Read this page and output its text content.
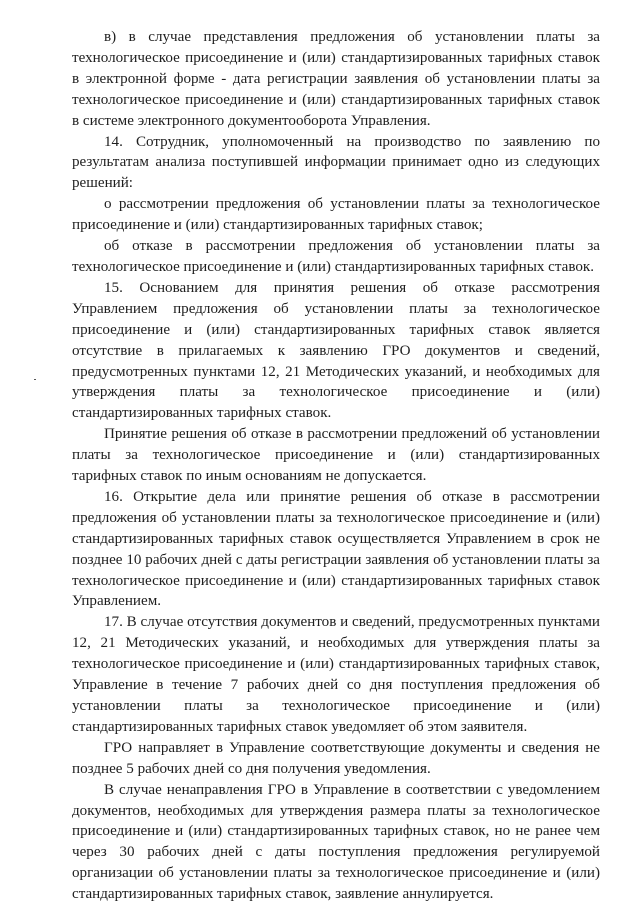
в) в случае представления предложения об установлении платы за технологическое присоединение и (или) стандартизированных тарифных ставок в электронной форме - дата регистрации заявления об установлении платы за технологическое присоединение и (или) стандартизированных тарифных ставок в системе электронного документооборота Управления.

14. Сотрудник, уполномоченный на производство по заявлению по результатам анализа поступившей информации принимает одно из следующих решений:

о рассмотрении предложения об установлении платы за технологическое присоединение и (или) стандартизированных тарифных ставок;

об отказе в рассмотрении предложения об установлении платы за технологическое присоединение и (или) стандартизированных тарифных ставок.

15. Основанием для принятия решения об отказе рассмотрения Управлением предложения об установлении платы за технологическое присоединение и (или) стандартизированных тарифных ставок является отсутствие в прилагаемых к заявлению ГРО документов и сведений, предусмотренных пунктами 12, 21 Методических указаний, и необходимых для утверждения платы за технологическое присоединение и (или) стандартизированных тарифных ставок.

Принятие решения об отказе в рассмотрении предложений об установлении платы за технологическое присоединение и (или) стандартизированных тарифных ставок по иным основаниям не допускается.

16. Открытие дела или принятие решения об отказе в рассмотрении предложения об установлении платы за технологическое присоединение и (или) стандартизированных тарифных ставок осуществляется Управлением в срок не позднее 10 рабочих дней с даты регистрации заявления об установлении платы за технологическое присоединение и (или) стандартизированных тарифных ставок Управлением.

17. В случае отсутствия документов и сведений, предусмотренных пунктами 12, 21 Методических указаний, и необходимых для утверждения платы за технологическое присоединение и (или) стандартизированных тарифных ставок, Управление в течение 7 рабочих дней со дня поступления предложения об установлении платы за технологическое присоединение и (или) стандартизированных тарифных ставок уведомляет об этом заявителя.

ГРО направляет в Управление соответствующие документы и сведения не позднее 5 рабочих дней со дня получения уведомления.

В случае ненаправления ГРО в Управление в соответствии с уведомлением документов, необходимых для утверждения размера платы за технологическое присоединение и (или) стандартизированных тарифных ставок, но не ранее чем через 30 рабочих дней с даты поступления предложения регулируемой организации об установлении платы за технологическое присоединение и (или) стандартизированных тарифных ставок, заявление аннулируется.
